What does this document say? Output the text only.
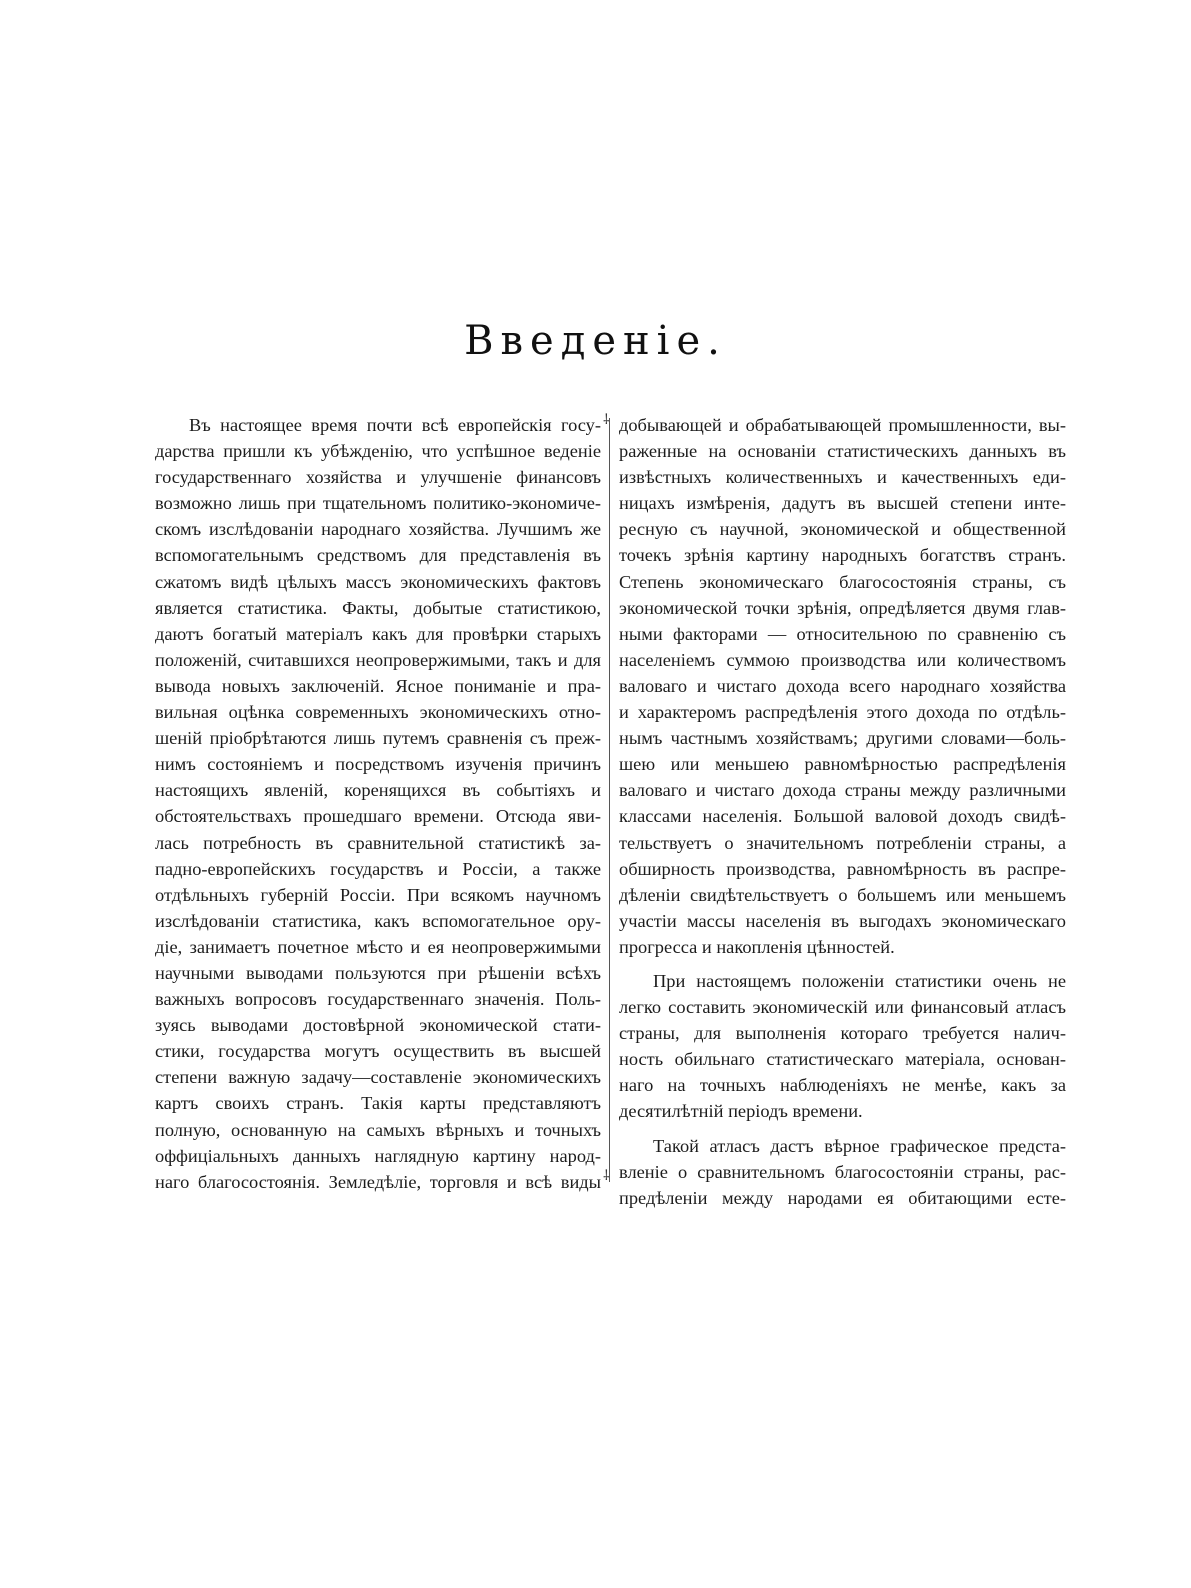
Введеніе.
Въ настоящее время почти всѣ европейскія госу-
дарства пришли къ убѣжденію, что успѣшное веденіе
государственнаго хозяйства и улучшеніе финансовъ
возможно лишь при тщательномъ политико-экономиче-
скомъ изслѣдованіи народнаго хозяйства. Лучшимъ же
вспомогательнымъ средствомъ для представленія въ
сжатомъ видѣ цѣлыхъ массъ экономическихъ фактовъ
является статистика. Факты, добытые статистикою,
даютъ богатый матеріалъ какъ для провѣрки старыхъ
положеній, считавшихся неопровержимыми, такъ и для
вывода новыхъ заключеній. Ясное пониманіе и пра-
вильная оцѣнка современныхъ экономическихъ отно-
шеній пріобрѣтаются лишь путемъ сравненія съ преж-
нимъ состояніемъ и посредствомъ изученія причинъ
настоящихъ явленій, коренящихся въ событіяхъ и
обстоятельствахъ прошедшаго времени. Отсюда яви-
лась потребность въ сравнительной статистикѣ за-
падно-европейскихъ государствъ и Россіи, а также
отдѣльныхъ губерній Россіи. При всякомъ научномъ
изслѣдованіи статистика, какъ вспомогательное ору-
діе, занимаетъ почетное мѣсто и ея неопровержимыми
научными выводами пользуются при рѣшеніи всѣхъ
важныхъ вопросовъ государственнаго значенія. Поль-
зуясь выводами достовѣрной экономической стати-
стики, государства могутъ осуществить въ высшей
степени важную задачу—составленіе экономическихъ
картъ своихъ странъ. Такія карты представляютъ
полную, основанную на самыхъ вѣрныхъ и точныхъ
оффиціальныхъ данныхъ наглядную картину народ-
наго благосостоянія. Земледѣліе, торговля и всѣ виды
⸸
⸸
добывающей и обрабатывающей промышленности, вы-
раженные на основаніи статистическихъ данныхъ въ
извѣстныхъ количественныхъ и качественныхъ еди-
ницахъ измѣренія, дадутъ въ высшей степени инте-
ресную съ научной, экономической и общественной
точекъ зрѣнія картину народныхъ богатствъ странъ.
Степень экономическаго благосостоянія страны, съ
экономической точки зрѣнія, опредѣляется двумя глав-
ными факторами — относительною по сравненію съ
населеніемъ суммою производства или количествомъ
валоваго и чистаго дохода всего народнаго хозяйства
и характеромъ распредѣленія этого дохода по отдѣль-
нымъ частнымъ хозяйствамъ; другими словами—боль-
шею или меньшею равномѣрностью распредѣленія
валоваго и чистаго дохода страны между различными
классами населенія. Большой валовой доходъ свидѣ-
тельствуетъ о значительномъ потребленіи страны, а
обширность производства, равномѣрность въ распре-
дѣленіи свидѣтельствуетъ о большемъ или меньшемъ
участіи массы населенія въ выгодахъ экономическаго
прогресса и накопленія цѣнностей.
При настоящемъ положеніи статистики очень не
легко составить экономическій или финансовый атласъ
страны, для выполненія котораго требуется налич-
ность обильнаго статистическаго матеріала, основан-
наго на точныхъ наблюденіяхъ не менѣе, какъ за
десятилѣтній періодъ времени.
Такой атласъ дастъ вѣрное графическое предста-
вленіе о сравнительномъ благосостояніи страны, рас-
предѣленіи между народами ея обитающими есте-
